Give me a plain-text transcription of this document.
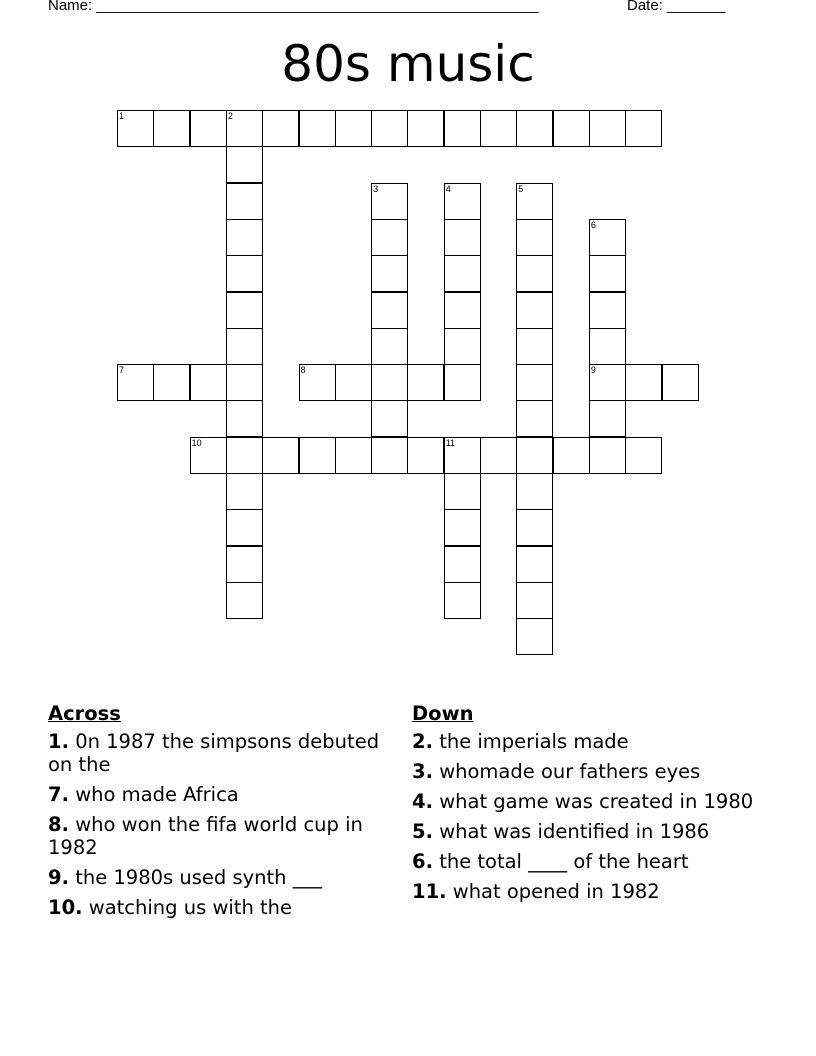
Name: _____________________________________________________	Date: _______
80s music
1	2
3	4	5
6
7	8	9
10	11
Across
1. 0n 1987 the simpsons debuted on the
7. who made Africa
8. who won the fifa world cup in 1982
9. the 1980s used synth ___
10. watching us with the
Down
2. the imperials made
3. whomade our fathers eyes
4. what game was created in 1980
5. what was identified in 1986
6. the total ____ of the heart
11. what opened in 1982
